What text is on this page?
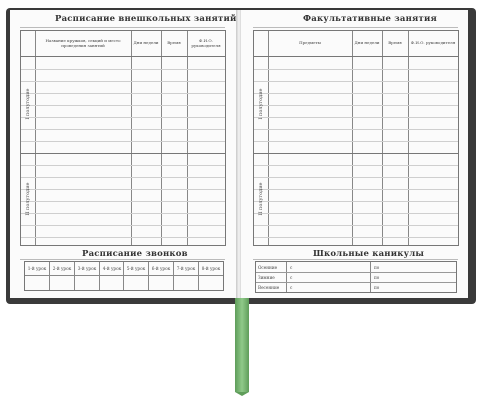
Расписание внешкольных занятий
Название кружков, секций и место проведения занятий	Дни недели	Время	Ф.И.О. руководителя
I полугодие
II полугодие
Расписание звонков
1-й урок	2-й урок	3-й урок	4-й урок	5-й урок	6-й урок	7-й урок	8-й урок
Факультативные занятия
Предметы	Дни недели	Время	Ф.И.О. руководителя
I полугодие
II полугодие
Школьные каникулы
Осенние	с	по
Зимние	с	по
Весенние	с	по
